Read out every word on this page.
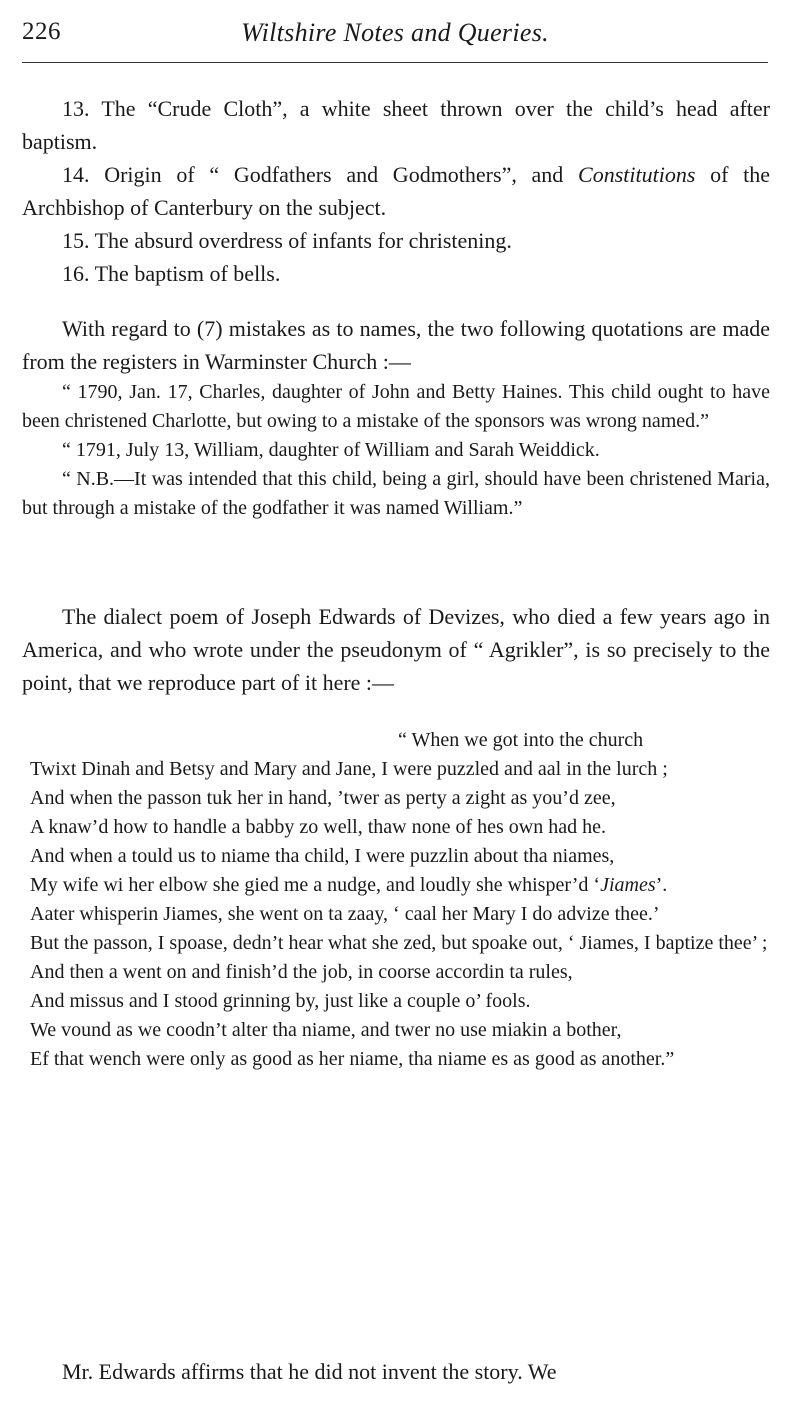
226	Wiltshire Notes and Queries.

13. The “Crude Cloth”, a white sheet thrown over the child’s head after baptism.

14. Origin of “ Godfathers and Godmothers”, and Constitutions of the Archbishop of Canterbury on the subject.

15. The absurd overdress of infants for christening.

16. The baptism of bells.

With regard to (7) mistakes as to names, the two following quotations are made from the registers in Warminster Church :—

“ 1790, Jan. 17, Charles, daughter of John and Betty Haines. This child ought to have been christened Charlotte, but owing to a mistake of the sponsors was wrong named.”

“ 1791, July 13, William, daughter of William and Sarah Weiddick.

“ N.B.—It was intended that this child, being a girl, should have been christened Maria, but through a mistake of the godfather it was named William.”

The dialect poem of Joseph Edwards of Devizes, who died a few years ago in America, and who wrote under the pseudonym of “ Agrikler”, is so precisely to the point, that we reproduce part of it here :—

“ When we got into the church

Twixt Dinah and Betsy and Mary and Jane, I were puzzled and aal in the lurch ;

And when the passon tuk her in hand, ’twer as perty a zight as you’d zee,

A knaw’d how to handle a babby zo well, thaw none of hes own had he.

And when a tould us to niame tha child, I were puzzlin about tha niames,

My wife wi her elbow she gied me a nudge, and loudly she whisper’d ‘Jiames’.

Aater whisperin Jiames, she went on ta zaay, ‘ caal her Mary I do advize thee.’

But the passon, I spoase, dedn’t hear what she zed, but spoake out, ‘ Jiames, I baptize thee’ ;

And then a went on and finish’d the job, in coorse accordin ta rules,

And missus and I stood grinning by, just like a couple o’ fools.

We vound as we coodn’t alter tha niame, and twer no use miakin a bother,

Ef that wench were only as good as her niame, tha niame es as good as another.”

Mr. Edwards affirms that he did not invent the story. We
